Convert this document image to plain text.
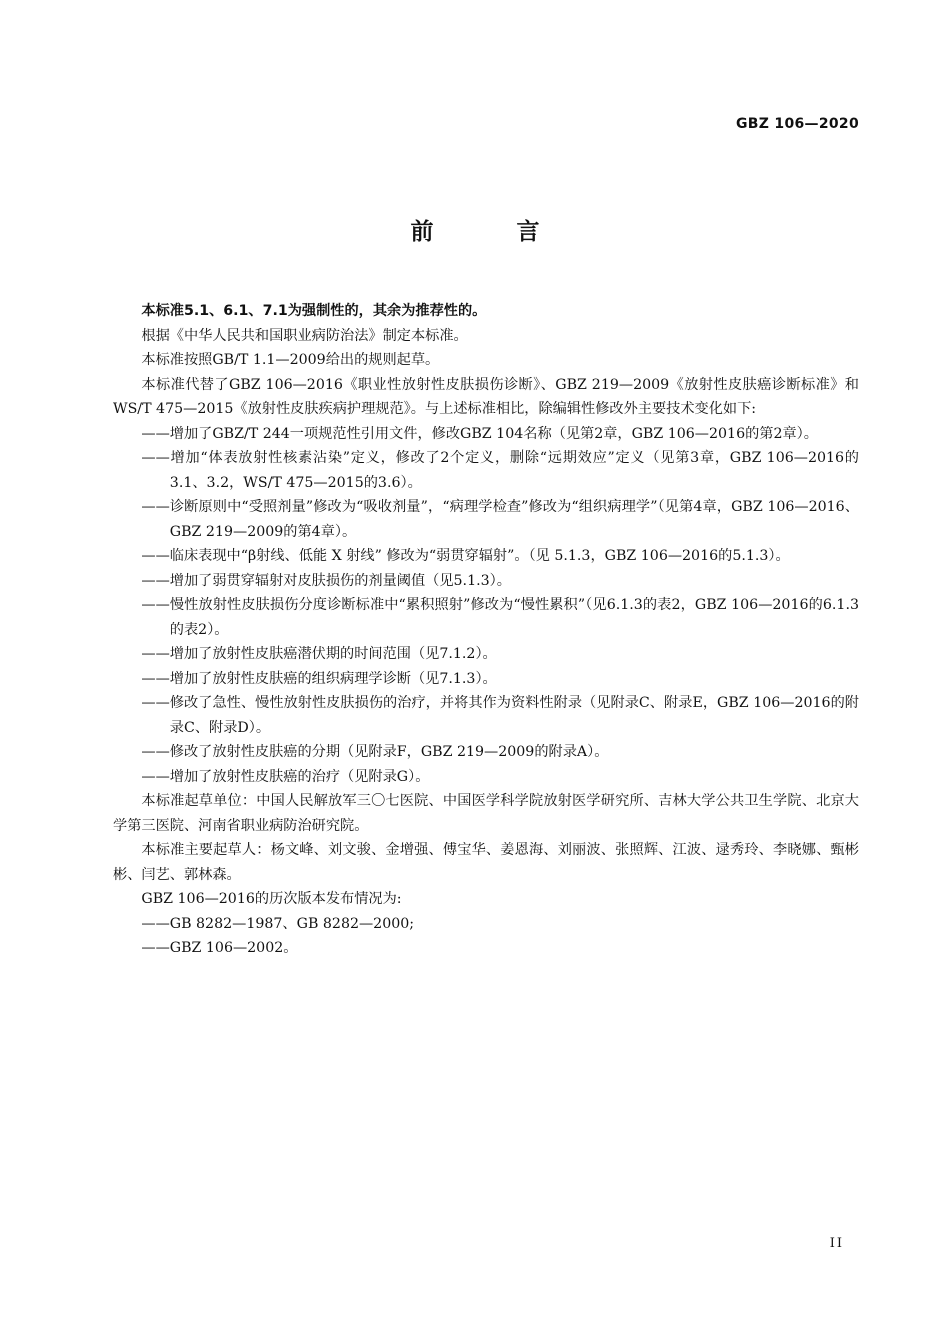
GBZ 106—2020
前　言

本标准5.1、6.1、7.1为强制性的，其余为推荐性的。

根据《中华人民共和国职业病防治法》制定本标准。

本标准按照GB/T 1.1—2009给出的规则起草。

本标准代替了GBZ 106—2016《职业性放射性皮肤损伤诊断》、GBZ 219—2009《放射性皮肤癌诊断标准》和WS/T 475—2015《放射性皮肤疾病护理规范》。与上述标准相比，除编辑性修改外主要技术变化如下:

——增加了GBZ/T 244一项规范性引用文件，修改GBZ 104名称（见第2章，GBZ 106—2016的第2章）。

——增加“体表放射性核素沾染”定义，修改了2个定义，删除“远期效应”定义（见第3章，GBZ 106—2016的3.1、3.2，WS/T 475—2015的3.6）。

——诊断原则中“受照剂量”修改为“吸收剂量”，“病理学检查”修改为“组织病理学”（见第4章，GBZ 106—2016、GBZ 219—2009的第4章）。

——临床表现中“β射线、低能 X 射线” 修改为“弱贯穿辐射”。（见 5.1.3，GBZ 106—2016的5.1.3）。

——增加了弱贯穿辐射对皮肤损伤的剂量阈值（见5.1.3）。

——慢性放射性皮肤损伤分度诊断标准中“累积照射”修改为“慢性累积”（见6.1.3的表2，GBZ 106—2016的6.1.3的表2）。

——增加了放射性皮肤癌潜伏期的时间范围（见7.1.2）。

——增加了放射性皮肤癌的组织病理学诊断（见7.1.3）。

——修改了急性、慢性放射性皮肤损伤的治疗，并将其作为资料性附录（见附录C、附录E，GBZ 106—2016的附录C、附录D）。

——修改了放射性皮肤癌的分期（见附录F，GBZ 219—2009的附录A）。

——增加了放射性皮肤癌的治疗（见附录G）。

本标准起草单位：中国人民解放军三〇七医院、中国医学科学院放射医学研究所、吉林大学公共卫生学院、北京大学第三医院、河南省职业病防治研究院。

本标准主要起草人：杨文峰、刘文骏、金增强、傅宝华、姜恩海、刘丽波、张照辉、江波、逯秀玲、李晓娜、甄彬彬、闫艺、郭林森。

GBZ 106—2016的历次版本发布情况为:

——GB 8282—1987、GB 8282—2000;

——GBZ 106—2002。

II
